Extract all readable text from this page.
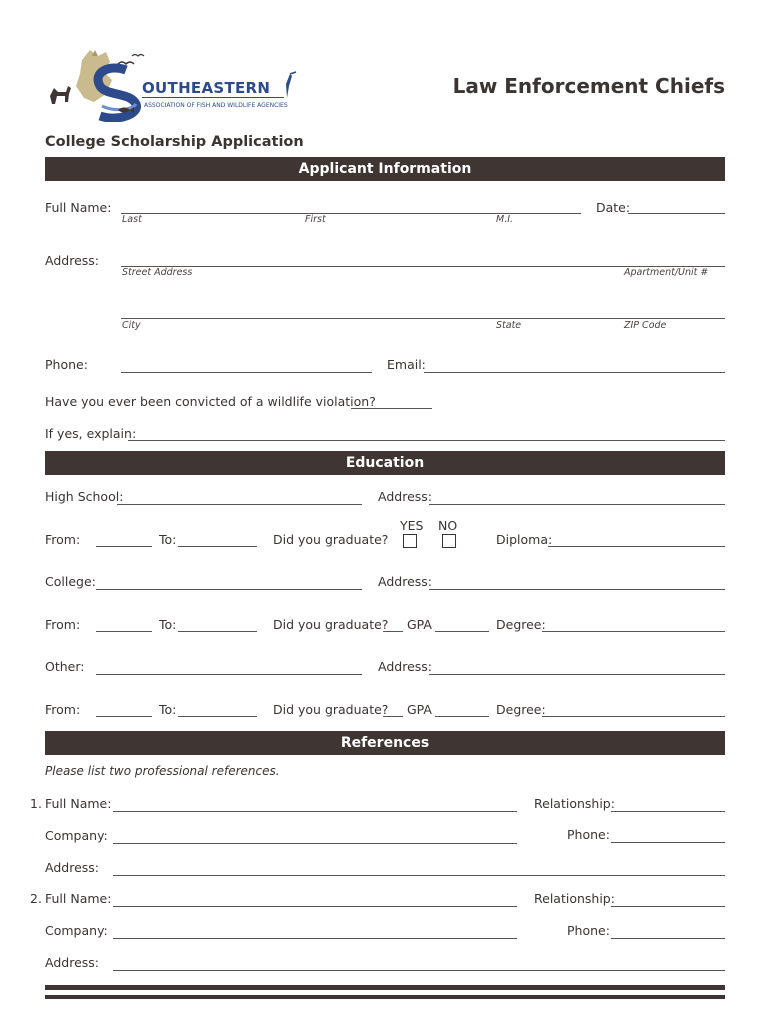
OUTHEASTERN
ASSOCIATION OF FISH AND WILDLIFE AGENCIES
Law Enforcement Chiefs
College Scholarship Application
Applicant Information
Full Name:
Last	First	M.I.
Date:
Address:
Street Address	Apartment/Unit #
City	State	ZIP Code
Phone:	Email:
Have you ever been convicted of a wildlife violation?
If yes, explain:
Education
High School:	Address:
YES NO
From:	To:	Did you graduate?	Diploma:
College:	Address:
From:	To:	Did you graduate? GPA	Degree:
Other:	Address:
From:	To:	Did you graduate? GPA	Degree:
References
Please list two professional references.
1. Full Name:	Relationship:
Company:	Phone:
Address:
2. Full Name:	Relationship:
Company:	Phone:
Address:
